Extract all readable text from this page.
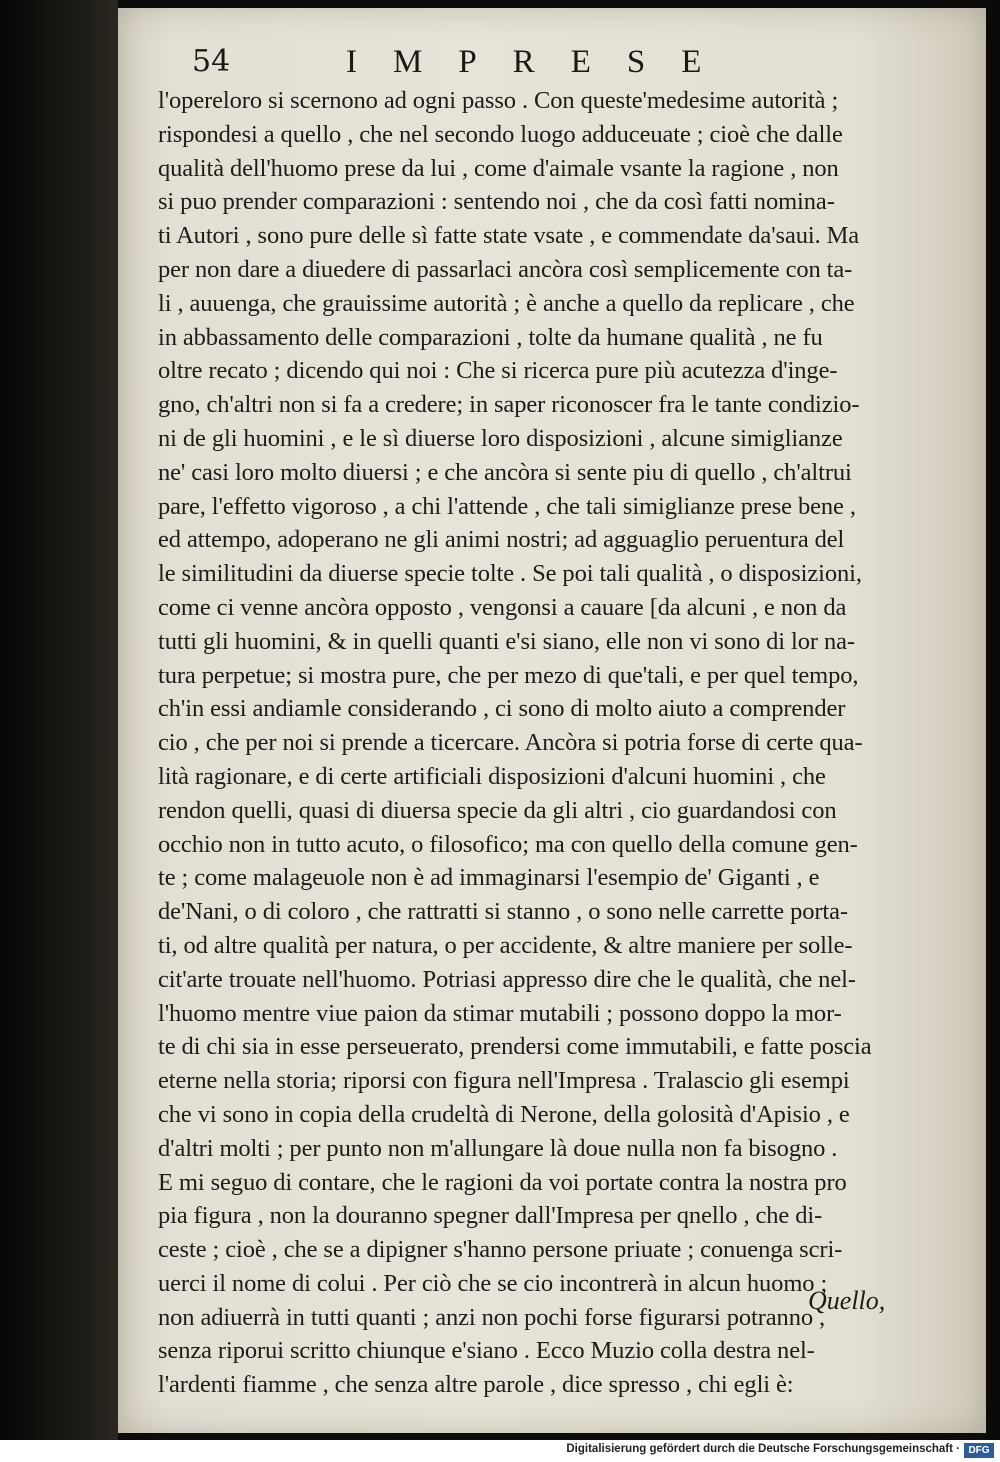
54	IMPRESE
l'opereloro si scernono ad ogni passo . Con queste'medesime autorità ;
rispondesi a quello , che nel secondo luogo adduceuate ; cioè che dalle
qualità dell'huomo prese da lui , come d'aimale vsante la ragione , non
si puo prender comparazioni : sentendo noi , che da così fatti nomina-
ti Autori , sono pure delle sì fatte state vsate , e commendate da'saui. Ma
per non dare a diuedere di passarlaci ancòra così semplicemente con ta-
li , auuenga, che grauissime autorità ; è anche a quello da replicare , che
in abbassamento delle comparazioni , tolte da humane qualità , ne fu
oltre recato ; dicendo qui noi : Che si ricerca pure più acutezza d'inge-
gno, ch'altri non si fa a credere; in saper riconoscer fra le tante condizio-
ni de gli huomini , e le sì diuerse loro disposizioni , alcune simiglianze
ne' casi loro molto diuersi ; e che ancòra si sente piu di quello , ch'altrui
pare, l'effetto vigoroso , a chi l'attende , che tali simiglianze prese bene ,
ed attempo, adoperano ne gli animi nostri; ad agguaglio peruentura del
le similitudini da diuerse specie tolte . Se poi tali qualità , o disposizioni,
come ci venne ancòra opposto , vengonsi a cauare [da alcuni , e non da
tutti gli huomini, & in quelli quanti e'si siano, elle non vi sono di lor na-
tura perpetue; si mostra pure, che per mezo di que'tali, e per quel tempo,
ch'in essi andiamle considerando , ci sono di molto aiuto a comprender
cio , che per noi si prende a ticercare. Ancòra si potria forse di certe qua-
lità ragionare, e di certe artificiali disposizioni d'alcuni huomini , che
rendon quelli, quasi di diuersa specie da gli altri , cio guardandosi con
occhio non in tutto acuto, o filosofico; ma con quello della comune gen-
te ; come malageuole non è ad immaginarsi l'esempio de' Giganti , e
de'Nani, o di coloro , che rattratti si stanno , o sono nelle carrette porta-
ti, od altre qualità per natura, o per accidente, & altre maniere per solle-
cit'arte trouate nell'huomo. Potriasi appresso dire che le qualità, che nel-
l'huomo mentre viue paion da stimar mutabili ; possono doppo la mor-
te di chi sia in esse perseuerato, prendersi come immutabili, e fatte poscia
eterne nella storia; riporsi con figura nell'Impresa . Tralascio gli esempi
che vi sono in copia della crudeltà di Nerone, della golosità d'Apisio , e
d'altri molti ; per punto non m'allungare là doue nulla non fa bisogno .
E mi seguo di contare, che le ragioni da voi portate contra la nostra pro
pia figura , non la douranno spegner dall'Impresa per qnello , che di-
ceste ; cioè , che se a dipigner s'hanno persone priuate ; conuenga scri-
uerci il nome di colui . Per ciò che se cio incontrerà in alcun huomo ;
non adiuerrà in tutti quanti ; anzi non pochi forse figurarsi potranno ,
senza riporui scritto chiunque e'siano . Ecco Muzio colla destra nel-
l'ardenti fiamme , che senza altre parole , dice spresso , chi egli è:
Quello,
Digitalisierung gefördert durch die Deutsche Forschungsgemeinschaft · DFG
